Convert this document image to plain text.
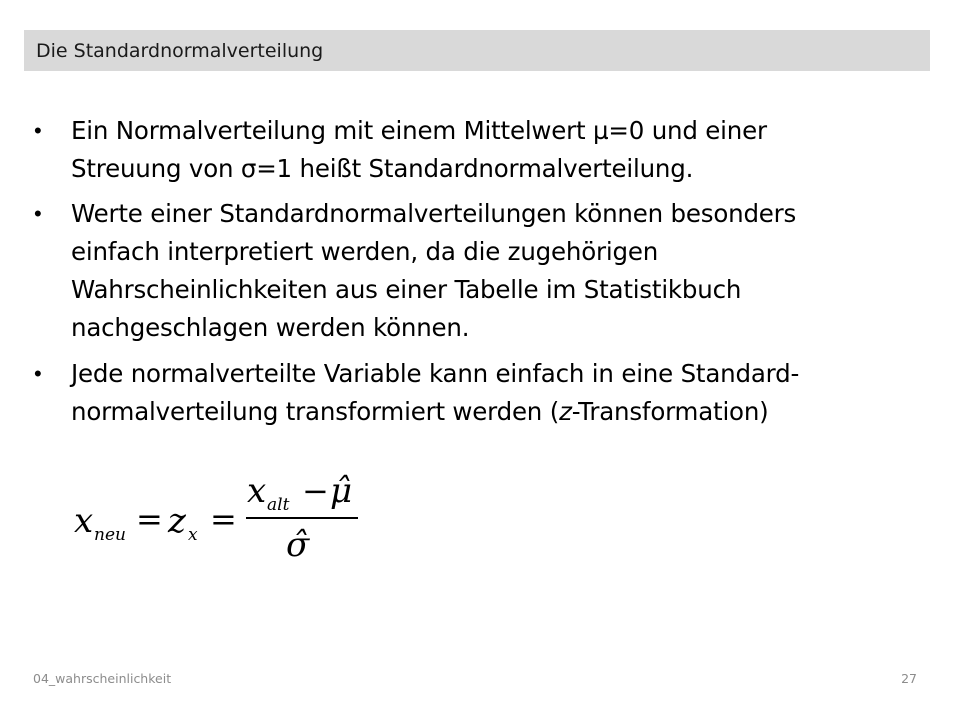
Die Standardnormalverteilung
• Ein Normalverteilung mit einem Mittelwert µ=0 und einer

Streuung von σ=1 heißt Standardnormalverteilung.

• Werte einer Standardnormalverteilungen können besonders

einfach interpretiert werden, da die zugehörigen

Wahrscheinlichkeiten aus einer Tabelle im Statistikbuch

nachgeschlagen werden können.

• Jede normalverteilte Variable kann einfach in eine Standard-

normalverteilung transformiert werden (z-Transformation)

x neu = z x =
x alt − μ̂
σ̂
04_wahrscheinlichkeit	27
